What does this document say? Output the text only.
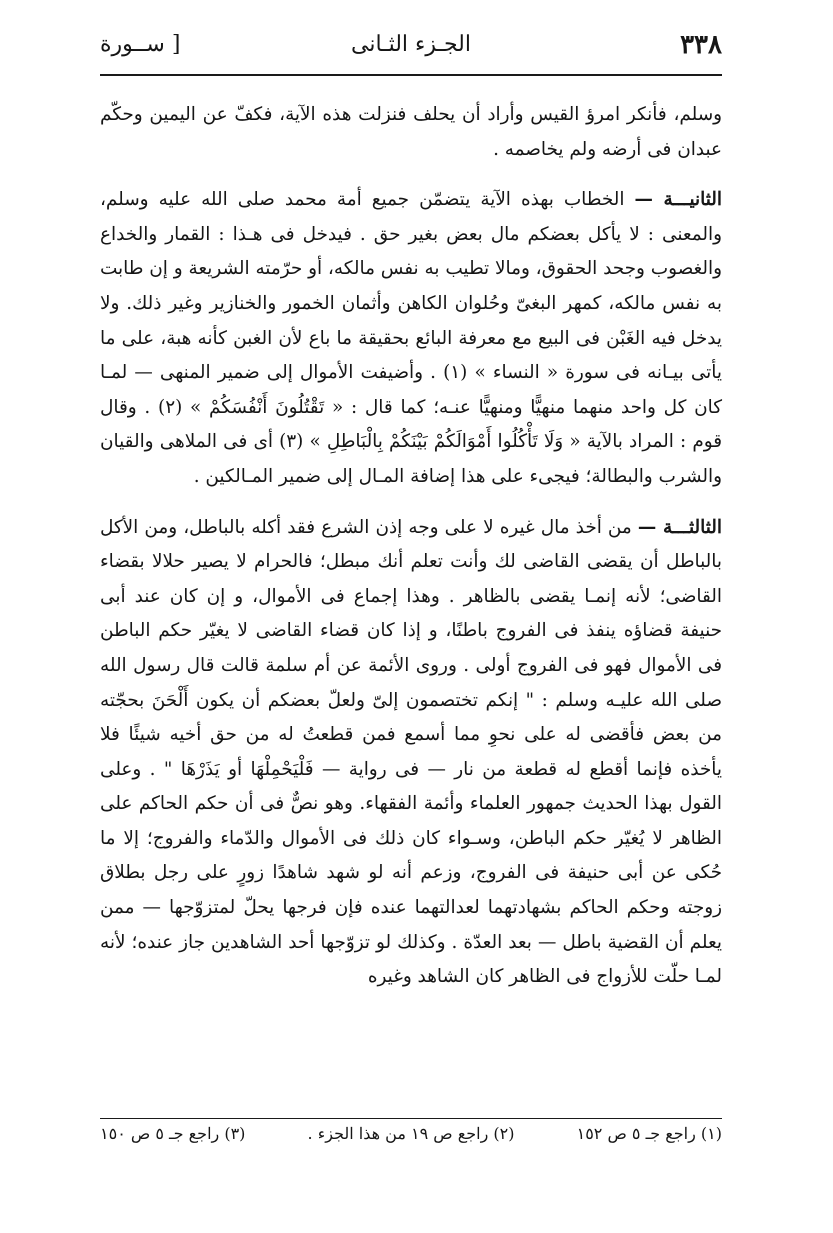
٣٣٨
الجـزء الثـانى
[ ســورة

وسلم، فأنكر امرؤ القيس وأراد أن يحلف فنزلت هذه الآية، فكفّ عن اليمين وحكّم عبدان فى أرضه ولم يخاصمه .

الثانيـــة — الخطاب بهذه الآية يتضمّن جميع أمة محمد صلى الله عليه وسلم، والمعنى : لا يأكل بعضكم مال بعض بغير حق . فيدخل فى هـذا : القمار والخداع والغصوب وجحد الحقوق، ومالا تطيب به نفس مالكه، أو حرّمته الشريعة و إن طابت به نفس مالكه، كمهر البغىّ وحُلوان الكاهن وأثمان الخمور والخنازير وغير ذلك. ولا يدخل فيه الغَبْن فى البيع مع معرفة البائع بحقيقة ما باع لأن الغبن كأنه هبة، على ما يأتى بيـانه فى سورة « النساء » (١) . وأضيفت الأموال إلى ضمير المنهى — لمـا كان كل واحد منهما منهيًّا ومنهيًّا عنـه؛ كما قال : « تَقْتُلُونَ أَنْفُسَكُمْ » (٢) . وقال قوم : المراد بالآية « وَلَا تَأْكُلُوا أَمْوَالَكُمْ بَيْنَكُمْ بِالْبَاطِلِ » (٣) أى فى الملاهى والقيان والشرب والبطالة؛ فيجىء على هذا إضافة المـال إلى ضمير المـالكين .

الثالثـــة — من أخذ مال غيره لا على وجه إذن الشرع فقد أكله بالباطل، ومن الأكل بالباطل أن يقضى القاضى لك وأنت تعلم أنك مبطل؛ فالحرام لا يصير حلالا بقضاء القاضى؛ لأنه إنمـا يقضى بالظاهر . وهذا إجماع فى الأموال، و إن كان عند أبى حنيفة قضاؤه ينفذ فى الفروج باطنًا، و إذا كان قضاء القاضى لا يغيّر حكم الباطن فى الأموال فهو فى الفروج أولى . وروى الأئمة عن أم سلمة قالت قال رسول الله صلى الله عليـه وسلم : " إنكم تختصمون إلىّ ولعلّ بعضكم أن يكون أَلْحَنَ بحجّته من بعض فأقضى له على نحوِ مما أسمع فمن قطعتُ له من حق أخيه شيئًا فلا يأخذه فإنما أقطع له قطعة من نار — فى رواية — فَلْيَحْمِلْهَا أو يَذَرْهَا " . وعلى القول بهذا الحديث جمهور العلماء وأئمة الفقهاء. وهو نصٌّ فى أن حكم الحاكم على الظاهر لا يُغيّر حكم الباطن، وسـواء كان ذلك فى الأموال والدّماء والفروج؛ إلا ما حُكى عن أبى حنيفة فى الفروج، وزعم أنه لو شهد شاهدًا زورٍ على رجل بطلاق زوجته وحكم الحاكم بشهادتهما لعدالتهما عنده فإن فرجها يحلّ لمتزوّجها — ممن يعلم أن القضية باطل — بعد العدّة . وكذلك لو تزوّجها أحد الشاهدين جاز عنده؛ لأنه لمـا حلّت للأزواج فى الظاهر كان الشاهد وغيره

(١) راجع جـ ٥ ص ١٥٢
(٢) راجع ص ١٩ من هذا الجزء .
(٣) راجع جـ ٥ ص ١٥٠
